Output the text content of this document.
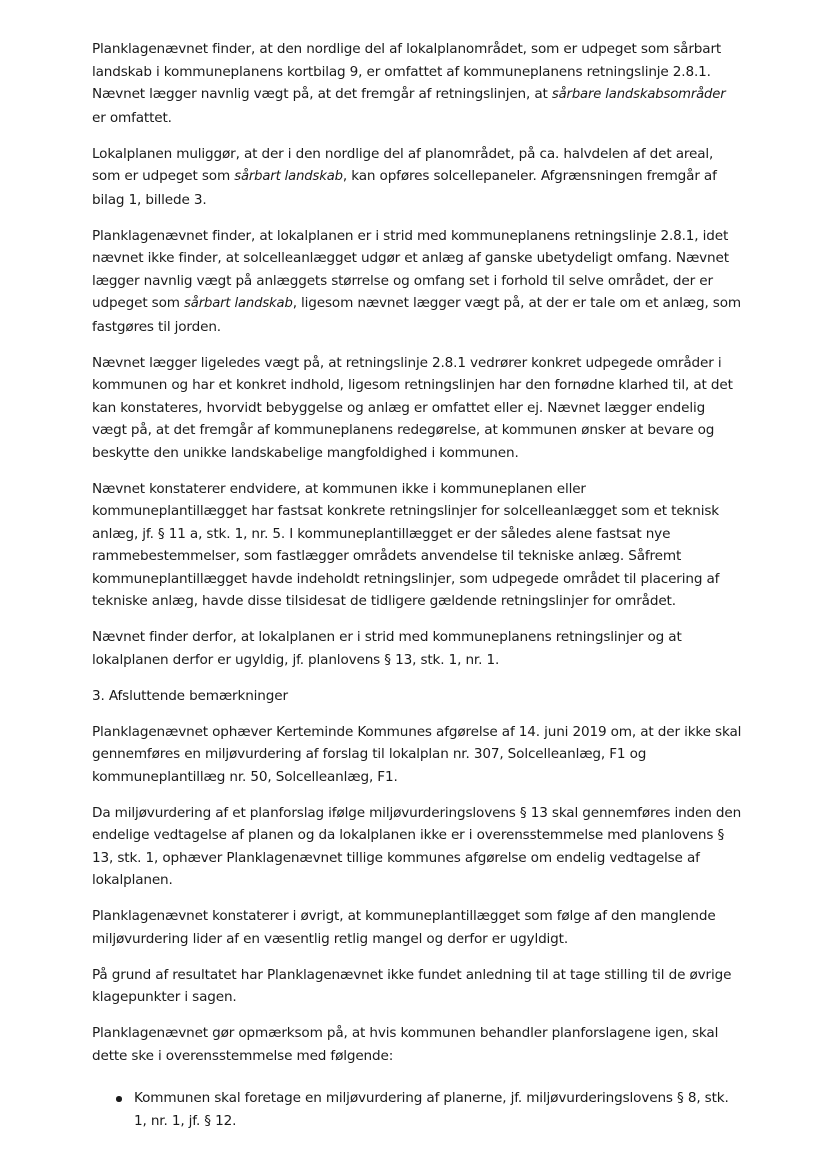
Planklagenævnet finder, at den nordlige del af lokalplanområdet, som er udpeget som sårbart landskab i kommuneplanens kortbilag 9, er omfattet af kommuneplanens retningslinje 2.8.1. Nævnet lægger navnlig vægt på, at det fremgår af retningslinjen, at sårbare landskabsområder er omfattet.

Lokalplanen muliggør, at der i den nordlige del af planområdet, på ca. halvdelen af det areal, som er udpeget som sårbart landskab, kan opføres solcellepaneler. Afgrænsningen fremgår af bilag 1, billede 3.

Planklagenævnet finder, at lokalplanen er i strid med kommuneplanens retningslinje 2.8.1, idet nævnet ikke finder, at solcelleanlægget udgør et anlæg af ganske ubetydeligt omfang. Nævnet lægger navnlig vægt på anlæggets størrelse og omfang set i forhold til selve området, der er udpeget som sårbart landskab, ligesom nævnet lægger vægt på, at der er tale om et anlæg, som fastgøres til jorden.

Nævnet lægger ligeledes vægt på, at retningslinje 2.8.1 vedrører konkret udpegede områder i kommunen og har et konkret indhold, ligesom retningslinjen har den fornødne klarhed til, at det kan konstateres, hvorvidt bebyggelse og anlæg er omfattet eller ej. Nævnet lægger endelig vægt på, at det fremgår af kommuneplanens redegørelse, at kommunen ønsker at bevare og beskytte den unikke landskabelige mangfoldighed i kommunen.

Nævnet konstaterer endvidere, at kommunen ikke i kommuneplanen eller kommuneplantillægget har fastsat konkrete retningslinjer for solcelleanlægget som et teknisk anlæg, jf. § 11 a, stk. 1, nr. 5. I kommuneplantillægget er der således alene fastsat nye rammebestemmelser, som fastlægger områdets anvendelse til tekniske anlæg. Såfremt kommuneplantillægget havde indeholdt retningslinjer, som udpegede området til placering af tekniske anlæg, havde disse tilsidesat de tidligere gældende retningslinjer for området.

Nævnet finder derfor, at lokalplanen er i strid med kommuneplanens retningslinjer og at lokalplanen derfor er ugyldig, jf. planlovens § 13, stk. 1, nr. 1.

3. Afsluttende bemærkninger

Planklagenævnet ophæver Kerteminde Kommunes afgørelse af 14. juni 2019 om, at der ikke skal gennemføres en miljøvurdering af forslag til lokalplan nr. 307, Solcelleanlæg, F1 og kommuneplantillæg nr. 50, Solcelleanlæg, F1.

Da miljøvurdering af et planforslag ifølge miljøvurderingslovens § 13 skal gennemføres inden den endelige vedtagelse af planen og da lokalplanen ikke er i overensstemmelse med planlovens § 13, stk. 1, ophæver Planklagenævnet tillige kommunes afgørelse om endelig vedtagelse af lokalplanen.

Planklagenævnet konstaterer i øvrigt, at kommuneplantillægget som følge af den manglende miljøvurdering lider af en væsentlig retlig mangel og derfor er ugyldigt.

På grund af resultatet har Planklagenævnet ikke fundet anledning til at tage stilling til de øvrige klagepunkter i sagen.

Planklagenævnet gør opmærksom på, at hvis kommunen behandler planforslagene igen, skal dette ske i overensstemmelse med følgende:

Kommunen skal foretage en miljøvurdering af planerne, jf. miljøvurderingslovens § 8, stk. 1, nr. 1, jf. § 12.
